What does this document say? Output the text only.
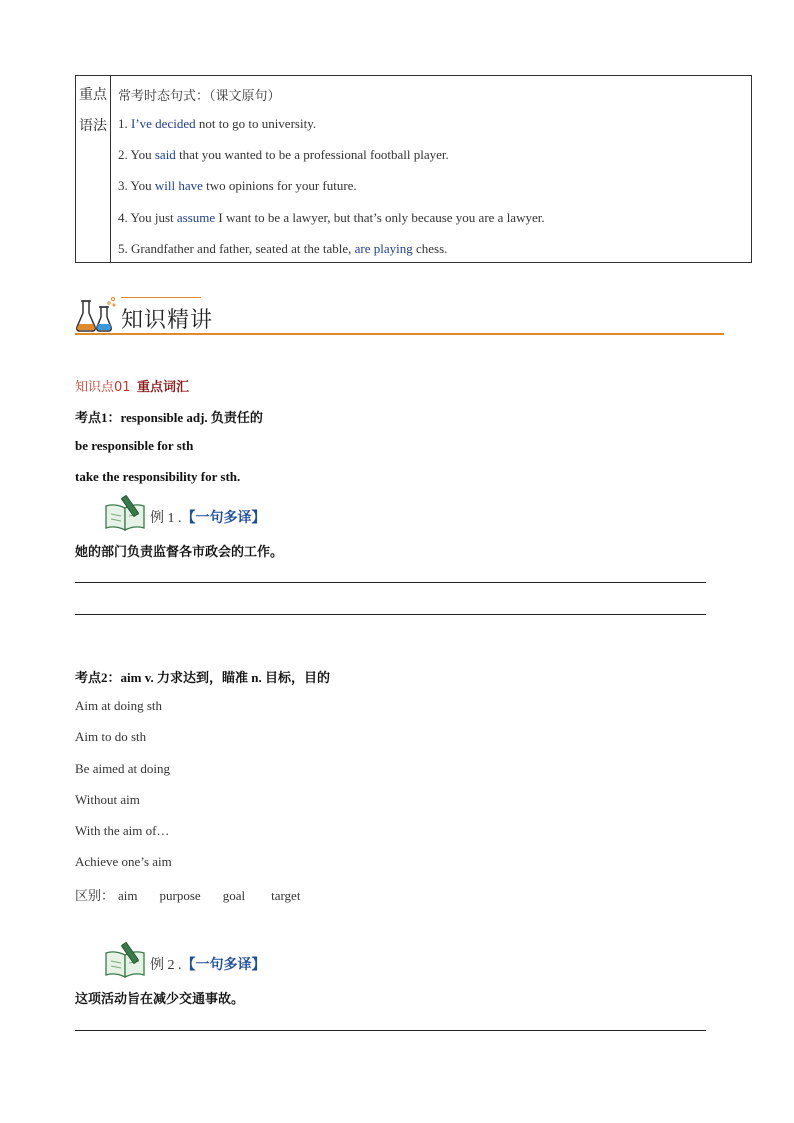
重点
语法
常考时态句式：（课文原句）
1. I’ve decided not to go to university.
2. You said that you wanted to be a professional football player.
3. You will have two opinions for your future.
4. You just assume I want to be a lawyer, but that’s only because you are a lawyer.
5. Grandfather and father, seated at the table, are playing chess.
知识精讲
知识点01 重点词汇
考点1：responsible adj. 负责任的
be responsible for sth
take the responsibility for sth.
例 1 .【一句多译】
她的部门负责监督各市政会的工作。
考点2：aim v. 力求达到，瞄准 n. 目标，目的
Aim at doing sth
Aim to do sth
Be aimed at doing
Without aim
With the aim of…
Achieve one’s aim
区别： aim purpose goal target
例 2 .【一句多译】
这项活动旨在减少交通事故。
